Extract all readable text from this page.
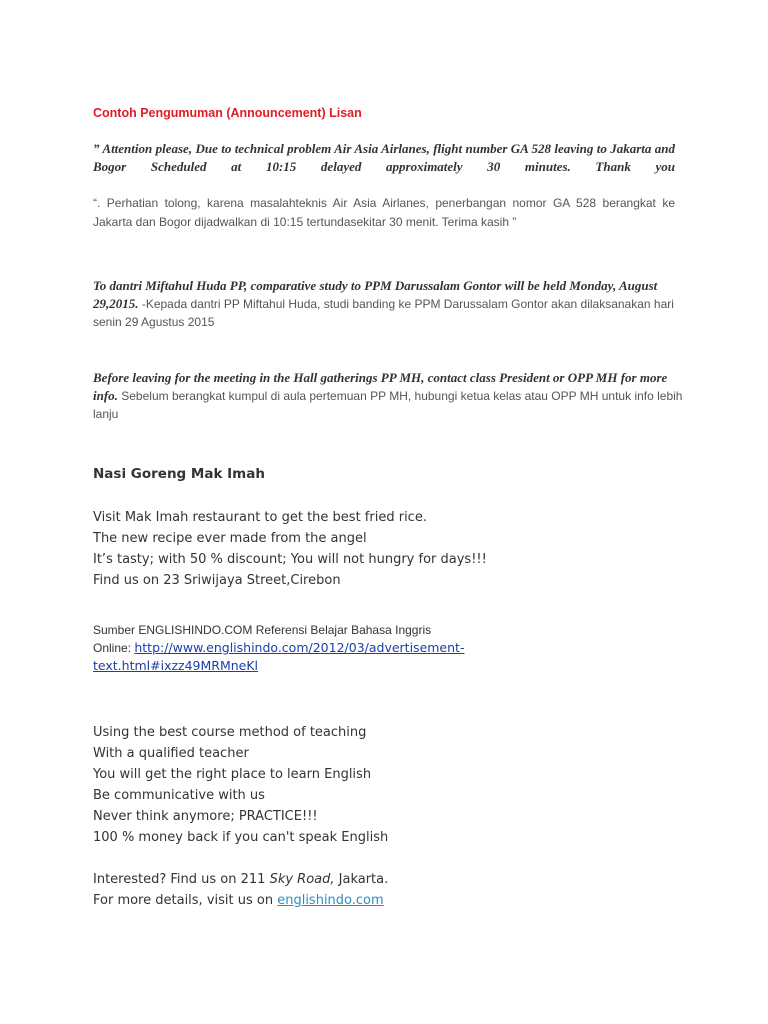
Contoh Pengumuman (Announcement) Lisan

” Attention please, Due to technical problem Air Asia Airlanes, flight number GA 528 leaving to Jakarta and Bogor Scheduled at 10:15 delayed approximately 30 minutes. Thank you

“. Perhatian tolong, karena masalahteknis Air Asia Airlanes, penerbangan nomor GA 528 berangkat ke Jakarta dan Bogor dijadwalkan di 10:15 tertundasekitar 30 menit. Terima kasih ”

To dantri Miftahul Huda PP, comparative study to PPM Darussalam Gontor will be held Monday, August 29,2015. -Kepada dantri PP Miftahul Huda, studi banding ke PPM Darussalam Gontor akan dilaksanakan hari senin 29 Agustus 2015

Before leaving for the meeting in the Hall gatherings PP MH, contact class President or OPP MH for more info. Sebelum berangkat kumpul di aula pertemuan PP MH, hubungi ketua kelas atau OPP MH untuk info lebih lanju

Nasi Goreng Mak Imah
Visit Mak Imah restaurant to get the best fried rice.
The new recipe ever made from the angel
It’s tasty; with 50 % discount; You will not hungry for days!!!
Find us on 23 Sriwijaya Street,Cirebon

Sumber ENGLISHINDO.COM Referensi Belajar Bahasa Inggris
Online: http://www.englishindo.com/2012/03/advertisement-
text.html#ixzz49MRMneKl

Using the best course method of teaching
With a qualified teacher
You will get the right place to learn English
Be communicative with us
Never think anymore; PRACTICE!!!
100 % money back if you can't speak English

Interested? Find us on 211 Sky Road, Jakarta.
For more details, visit us on englishindo.com
